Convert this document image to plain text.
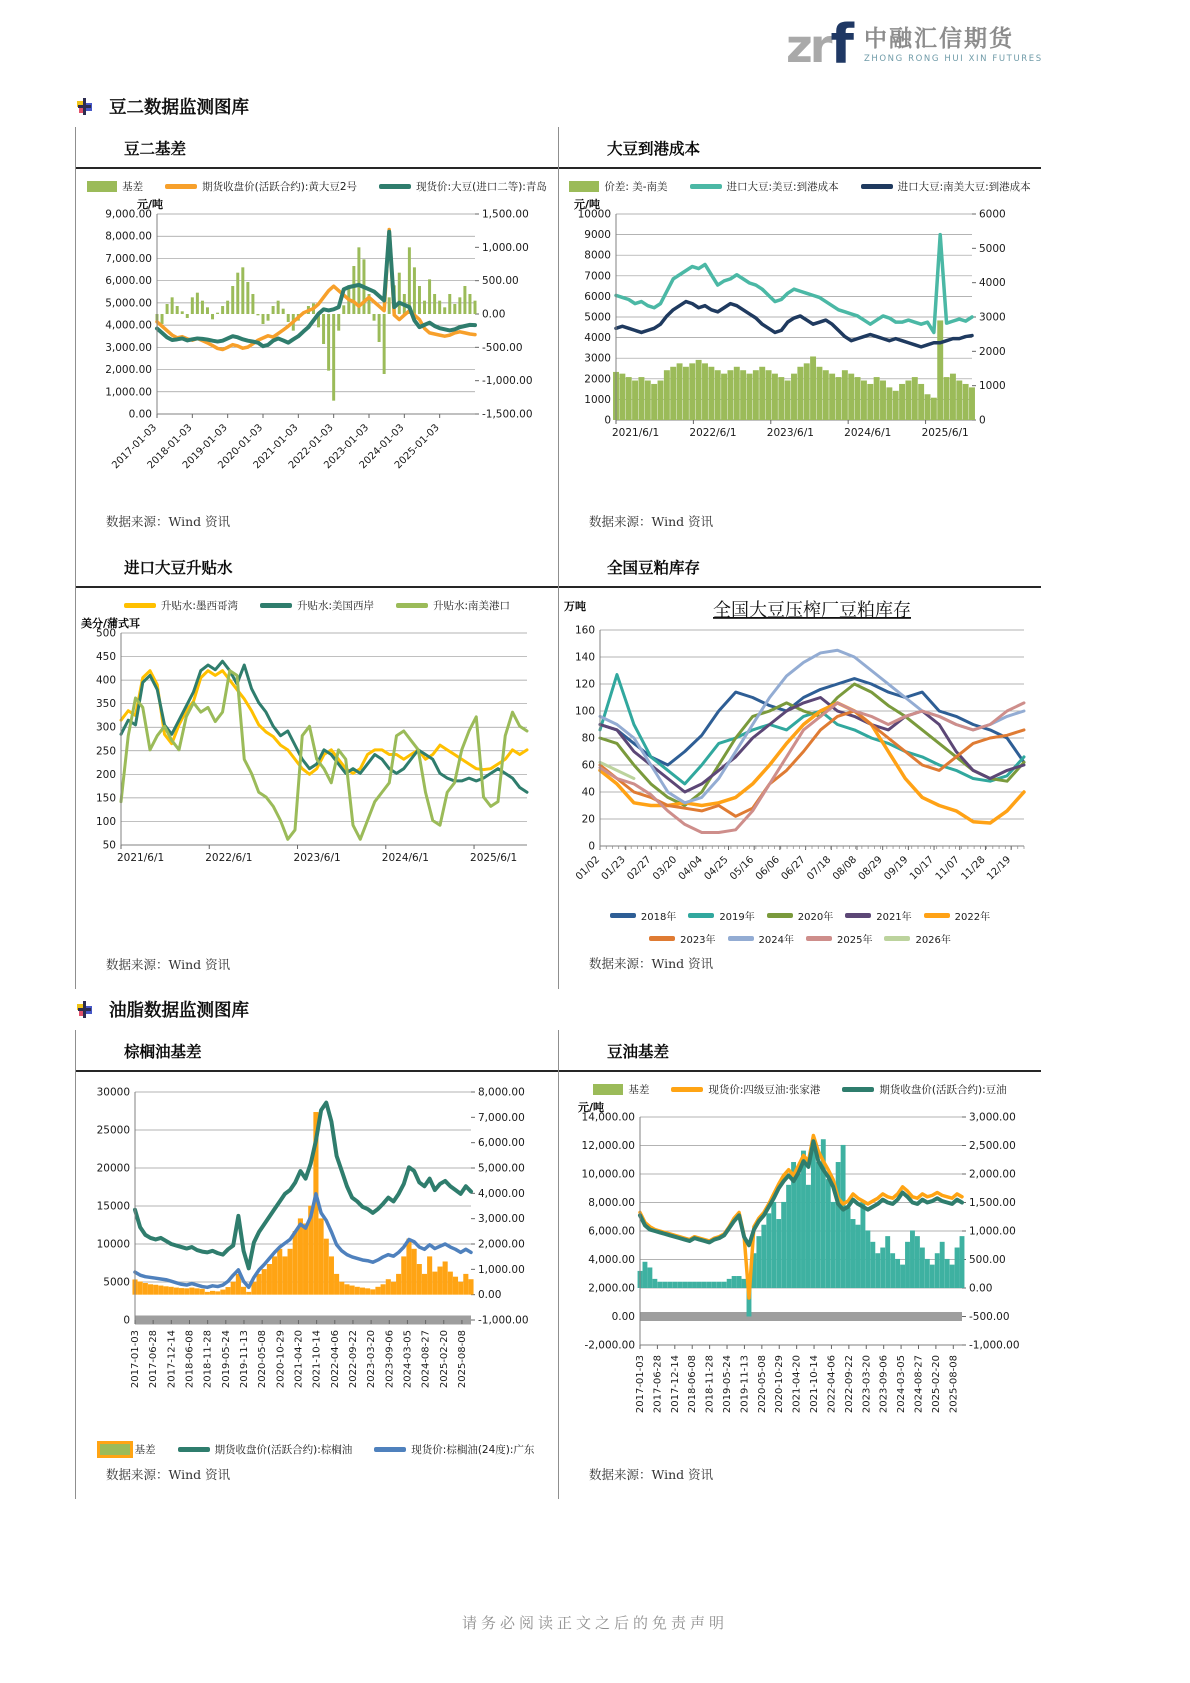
zr f 中融汇信期货
ZHONG RONG HUI XIN FUTURES
豆二数据监测图库
豆二基差
基差	期货收盘价(活跃合约):黄大豆2号	现货价:大豆(进口二等):青岛
9,000.00
8,000.00
7,000.00
6,000.00
5,000.00
4,000.00
3,000.00
2,000.00
1,000.00
0.00
1,500.00
1,000.00
500.00
0.00
-500.00
-1,000.00
-1,500.00
2017-01-03
2018-01-03
2019-01-03
2020-01-03
2021-01-03
2022-01-03
2023-01-03
2024-01-03
2025-01-03
元/吨
数据来源：Wind 资讯
大豆到港成本
价差: 美-南美	进口大豆:美豆:到港成本	进口大豆:南美大豆:到港成本
10000
9000
8000
7000
6000
5000
4000
3000
2000
1000
0
6000
5000
4000
3000
2000
1000
0
2021/6/1	2022/6/1	2023/6/1	2024/6/1	2025/6/1
元/吨
数据来源：Wind 资讯
进口大豆升贴水
升贴水:墨西哥湾	升贴水:美国西岸	升贴水:南美港口
500
450
400
350
300
250
200
150
100
50
2021/6/1	2022/6/1	2023/6/1	2024/6/1	2025/6/1
美分/蒲式耳
数据来源：Wind 资讯
全国豆粕库存
160
140
120
100
80
60
40
20
0
01/02
01/23
02/27
03/20
04/04
04/25
05/16
06/06
06/27
07/18
08/08
08/29
09/19
10/17
11/07
11/28
12/19
万吨	全国大豆压榨厂豆粕库存
2018年	2019年	2020年	2021年	2022年
2023年	2024年	2025年	2026年
数据来源：Wind 资讯
油脂数据监测图库
棕榈油基差
30000
25000
20000
15000
10000
5000
0
8,000.00
7,000.00
6,000.00
5,000.00
4,000.00
3,000.00
2,000.00
1,000.00
0.00
-1,000.00
2017-01-03 2017-06-28 2017-12-14 2018-06-08 2018-11-28 2019-05-24 2019-11-13 2020-05-08 2020-10-29 2021-04-20 2021-10-14 2022-04-06 2022-09-22 2023-03-20 2023-09-06 2024-03-05 2024-08-27 2025-02-20 2025-08-08
基差	期货收盘价(活跃合约):棕榈油	现货价:棕榈油(24度):广东
数据来源：Wind 资讯
豆油基差
基差	现货价:四级豆油:张家港	期货收盘价(活跃合约):豆油
14,000.00
12,000.00
10,000.00
8,000.00
6,000.00
4,000.00
2,000.00
0.00
-2,000.00
3,000.00
2,500.00
2,000.00
1,500.00
1,000.00
500.00
0.00
-500.00
-1,000.00
2017-01-03 2017-06-28 2017-12-14 2018-06-08 2018-11-28 2019-05-24 2019-11-13 2020-05-08 2020-10-29 2021-04-20 2021-10-14 2022-04-06 2022-09-22 2023-03-20 2023-09-06 2024-03-05 2024-08-27 2025-02-20 2025-08-08
元/吨
数据来源：Wind 资讯
请务必阅读正文之后的免责声明
